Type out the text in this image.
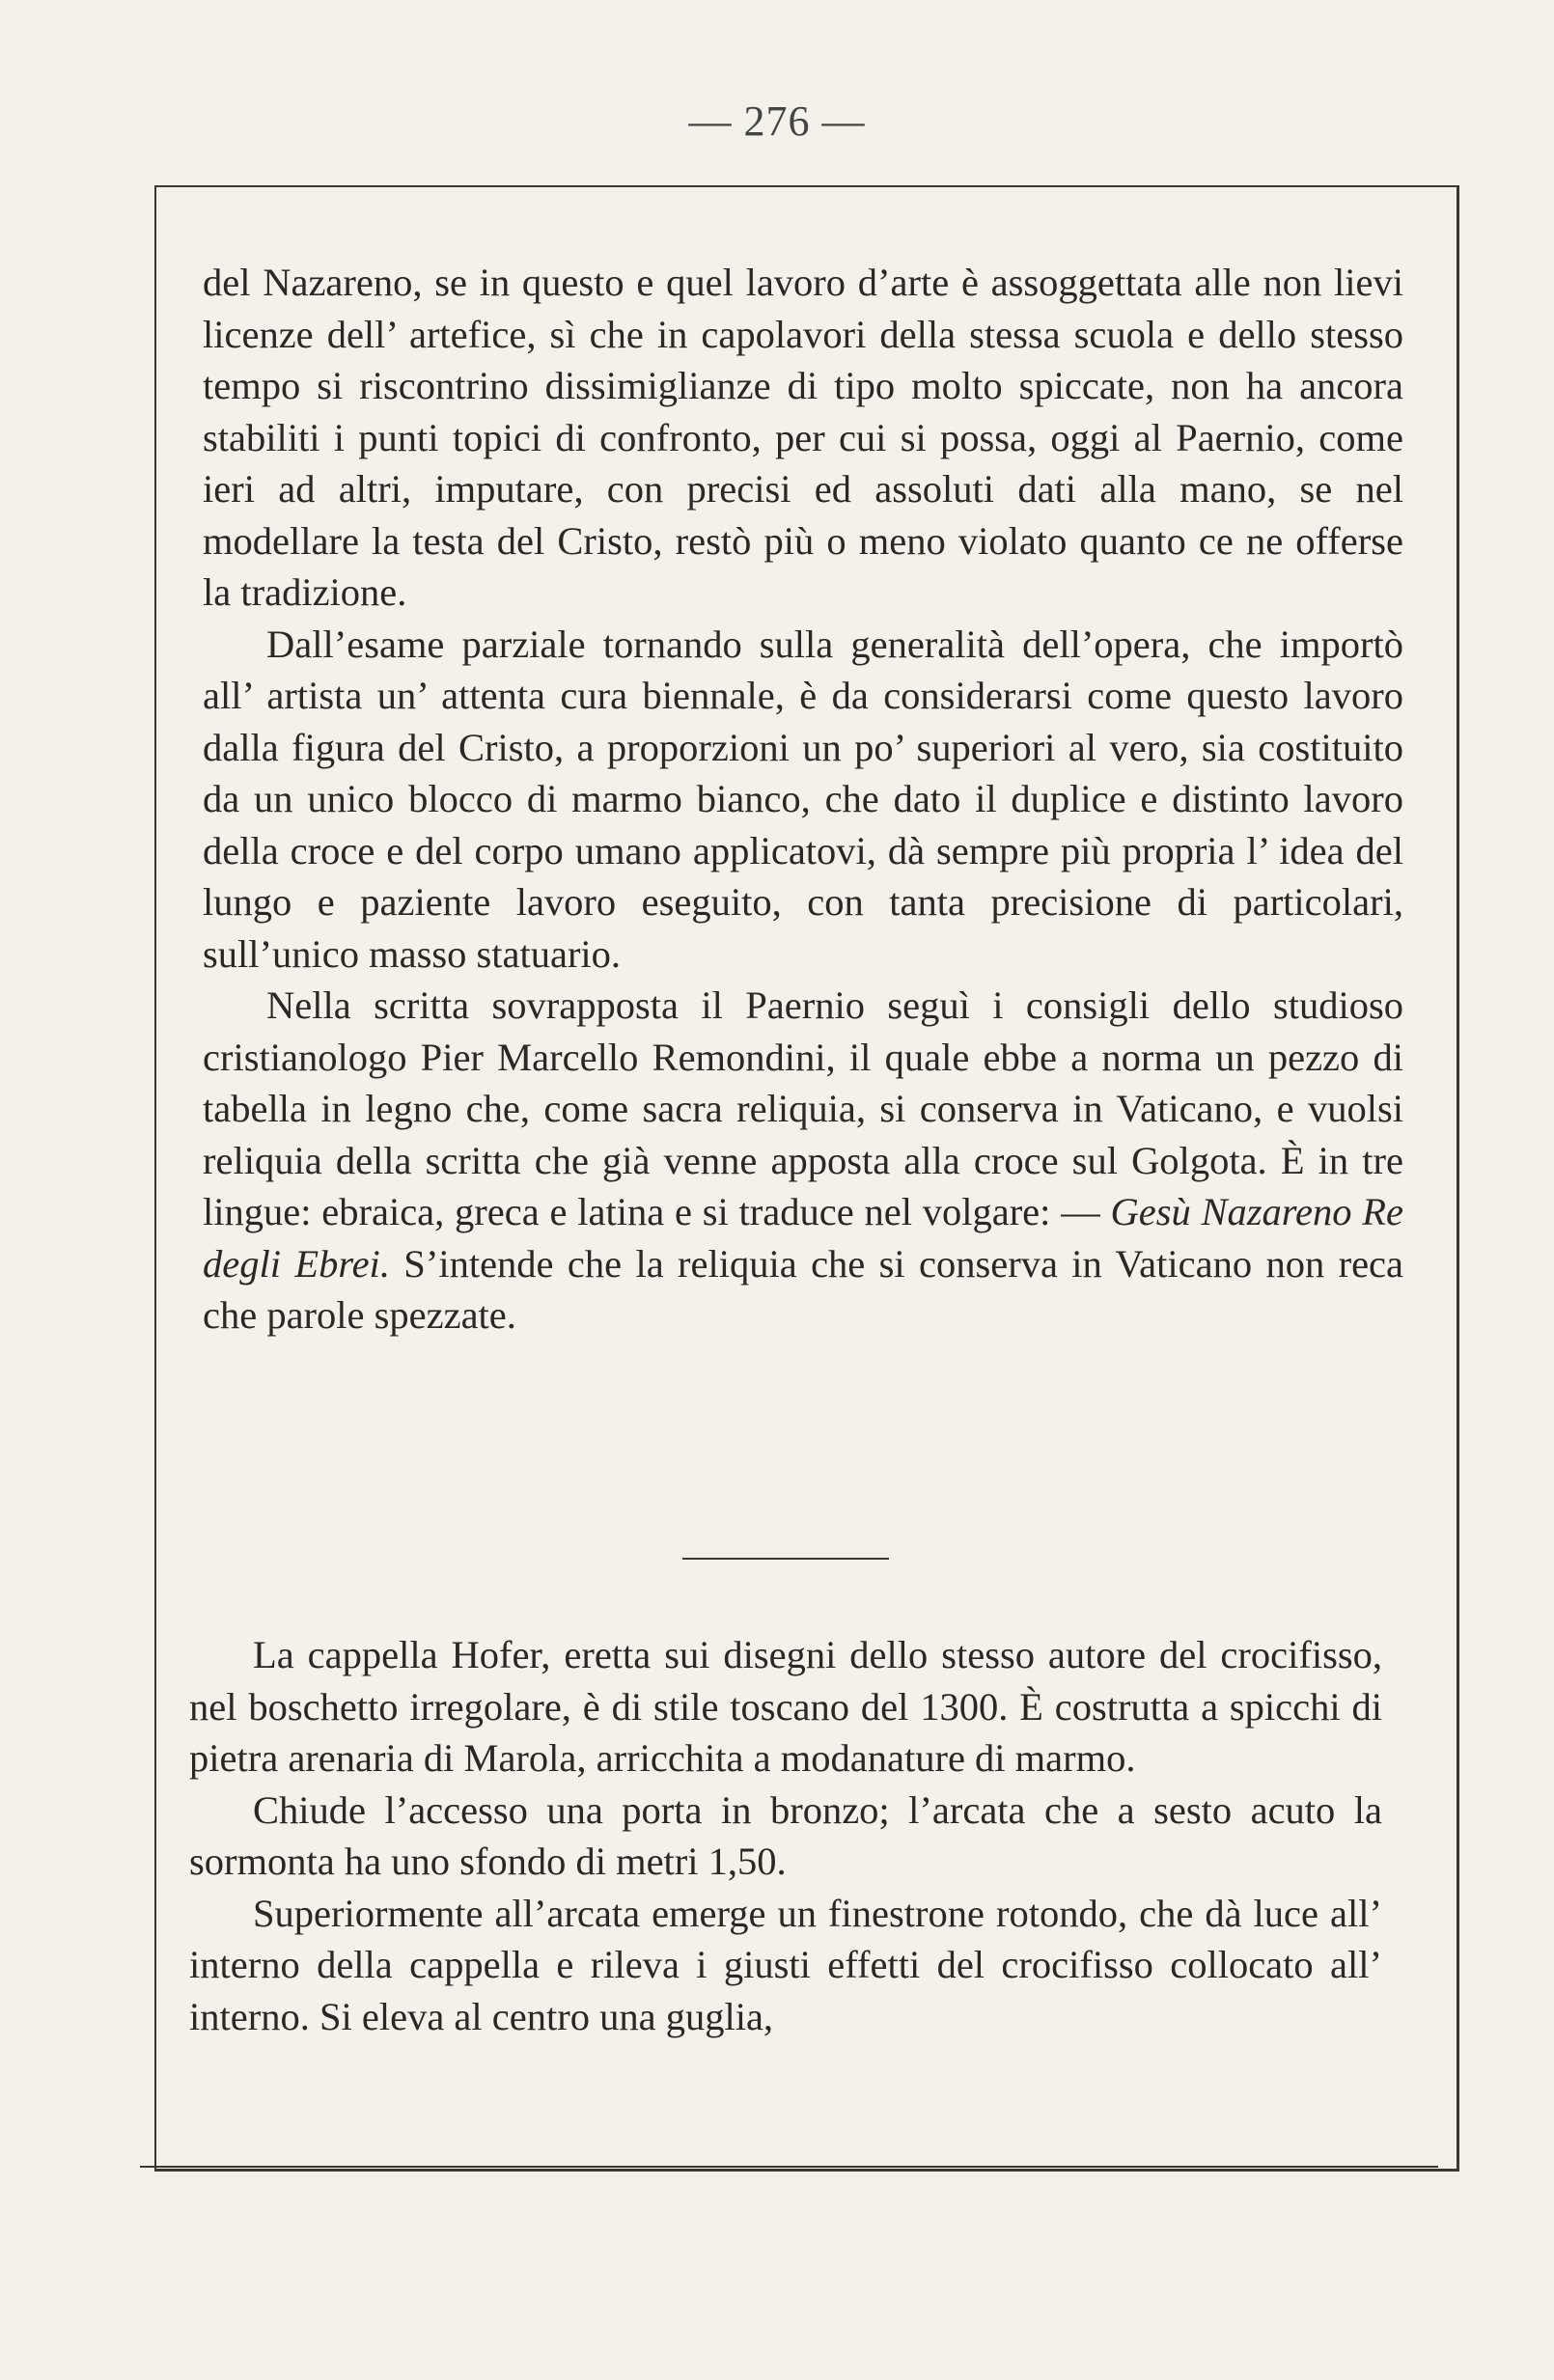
— 276 —

del Nazareno, se in questo e quel lavoro d’arte è assoggettata alle non lievi licenze dell’ artefice, sì che in capolavori della stessa scuola e dello stesso tempo si riscontrino dissimiglianze di tipo molto spiccate, non ha ancora stabiliti i punti topici di confronto, per cui si possa, oggi al Paernio, come ieri ad altri, imputare, con precisi ed assoluti dati alla mano, se nel modellare la testa del Cristo, restò più o meno violato quanto ce ne offerse la tradizione.

Dall’esame parziale tornando sulla generalità dell’opera, che importò all’ artista un’ attenta cura biennale, è da considerarsi come questo lavoro dalla figura del Cristo, a proporzioni un po’ superiori al vero, sia costituito da un unico blocco di marmo bianco, che dato il duplice e distinto lavoro della croce e del corpo umano applicatovi, dà sempre più propria l’ idea del lungo e paziente lavoro eseguito, con tanta precisione di particolari, sull’unico masso statuario.

Nella scritta sovrapposta il Paernio seguì i consigli dello studioso cristianologo Pier Marcello Remondini, il quale ebbe a norma un pezzo di tabella in legno che, come sacra reliquia, si conserva in Vaticano, e vuolsi reliquia della scritta che già venne apposta alla croce sul Golgota. È in tre lingue: ebraica, greca e latina e si traduce nel volgare: — Gesù Nazareno Re degli Ebrei. S’intende che la reliquia che si conserva in Vaticano non reca che parole spezzate.

La cappella Hofer, eretta sui disegni dello stesso autore del crocifisso, nel boschetto irregolare, è di stile toscano del 1300. È costrutta a spicchi di pietra arenaria di Marola, arricchita a modanature di marmo.

Chiude l’accesso una porta in bronzo; l’arcata che a sesto acuto la sormonta ha uno sfondo di metri 1,50.

Superiormente all’arcata emerge un finestrone rotondo, che dà luce all’ interno della cappella e rileva i giusti effetti del crocifisso collocato all’ interno. Si eleva al centro una guglia,
